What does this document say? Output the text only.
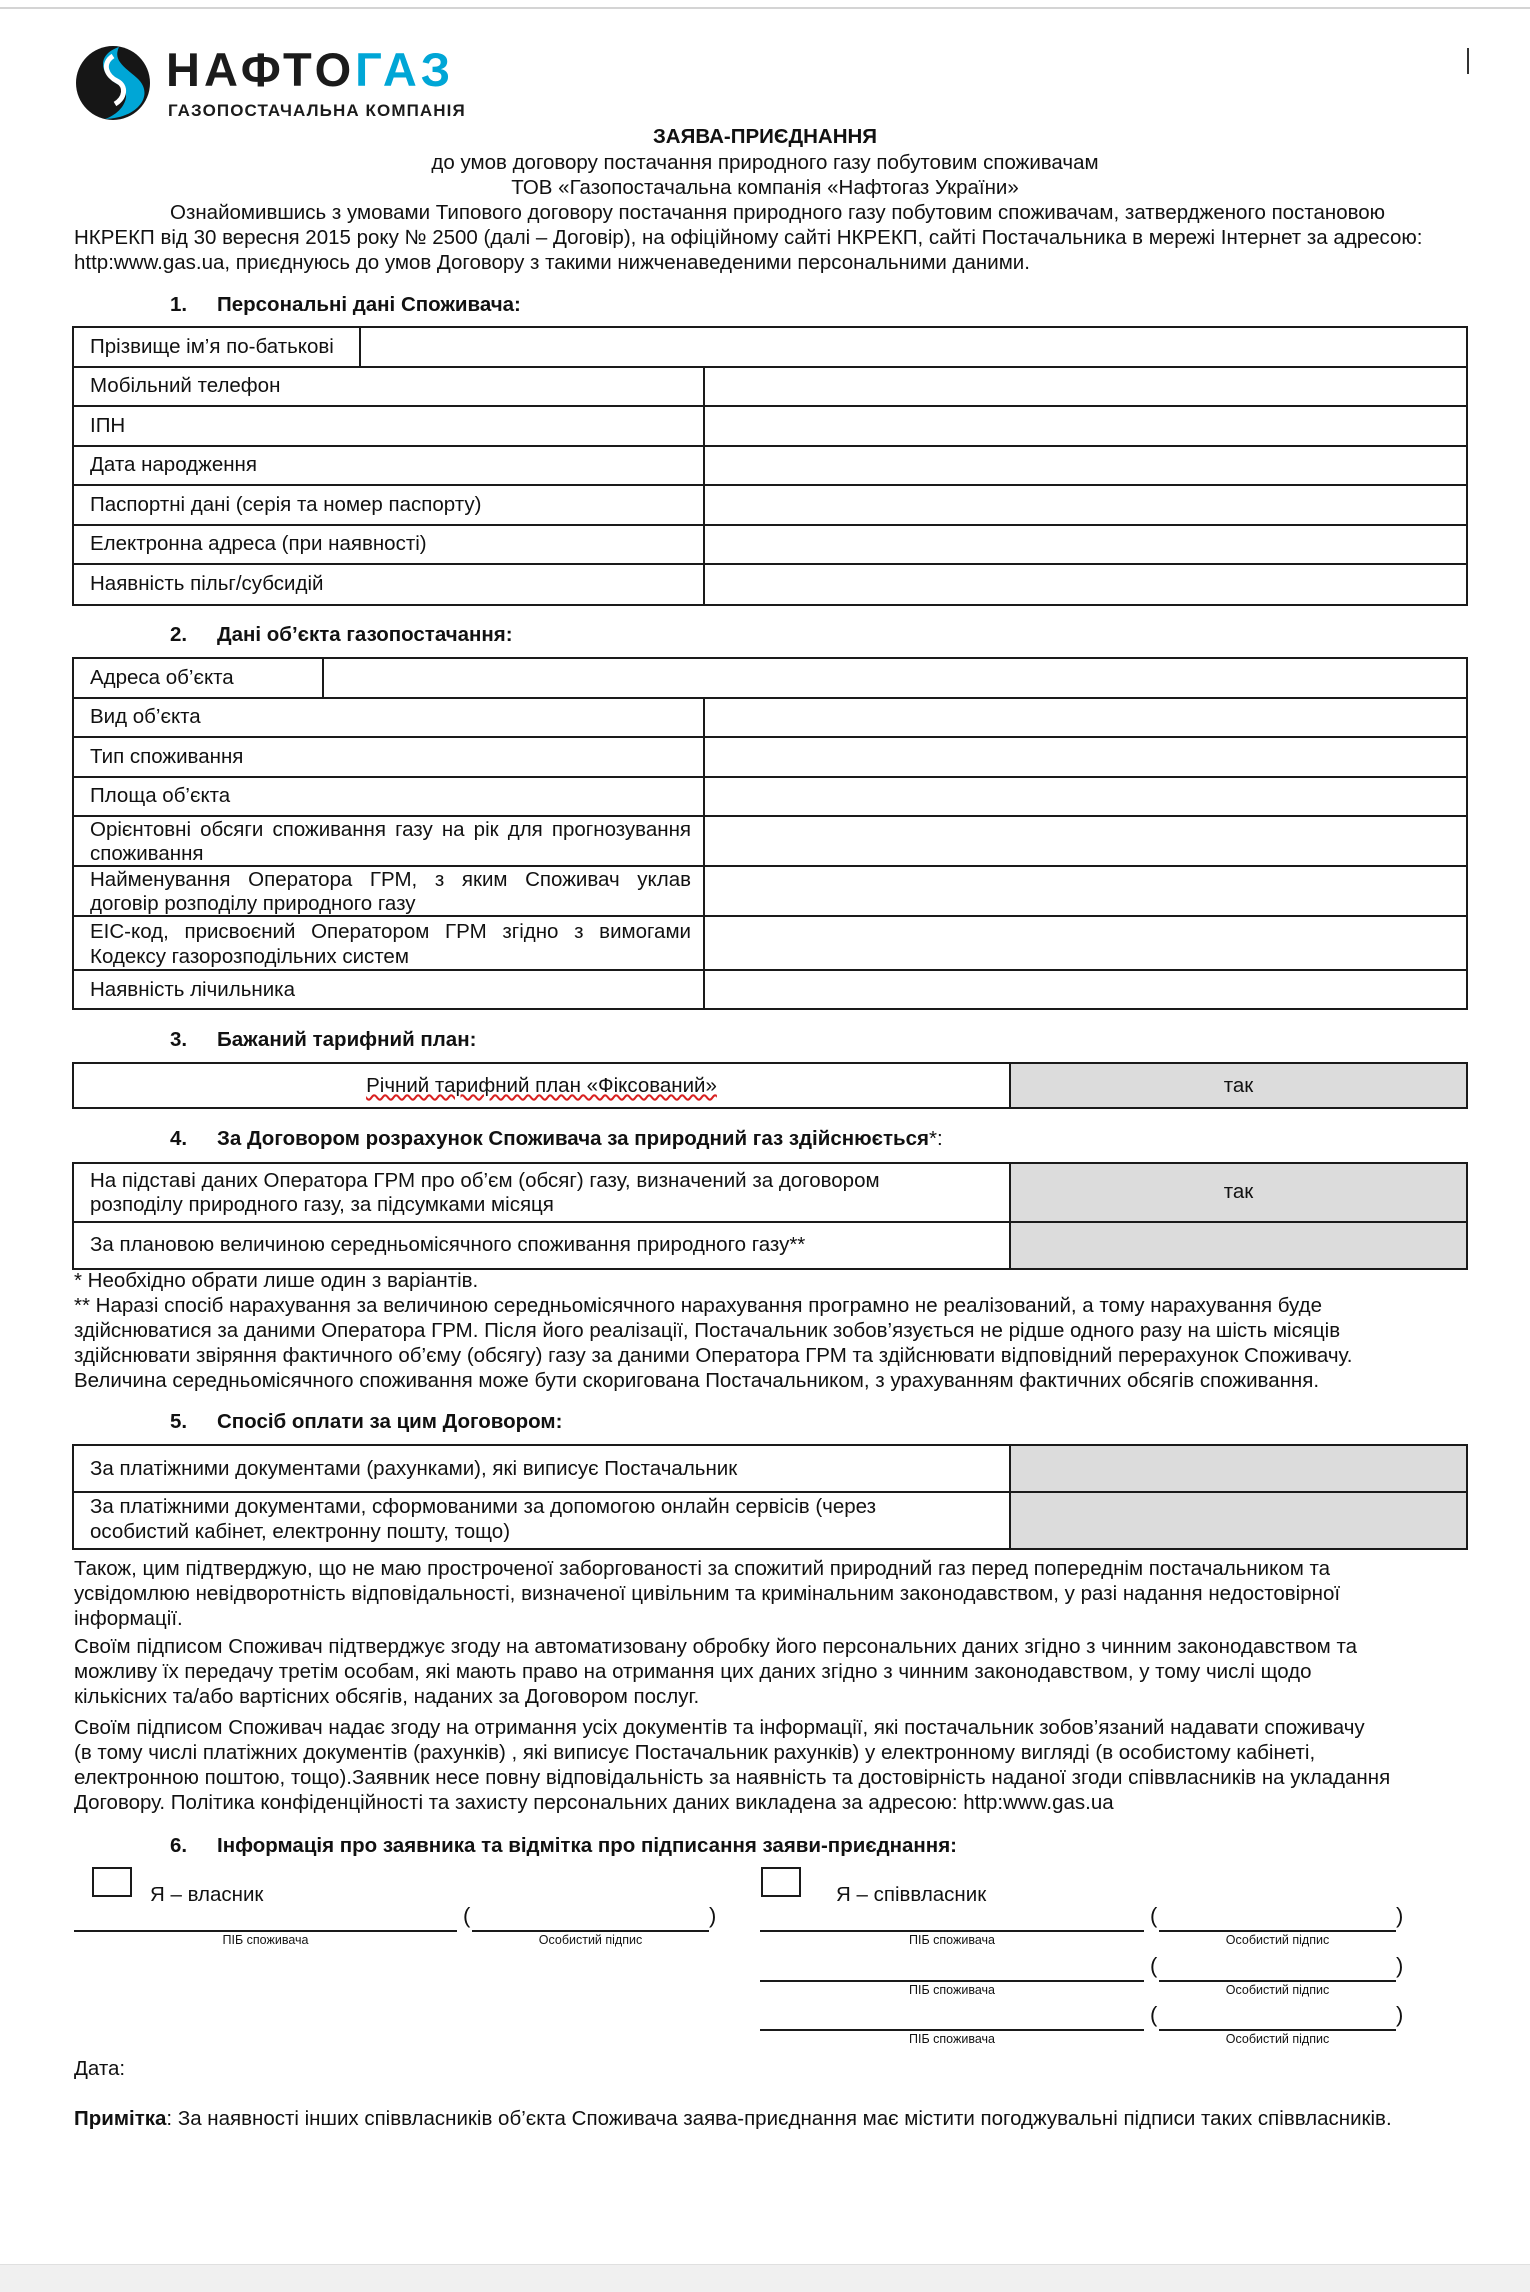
НАФТОГАЗ
ГАЗОПОСТАЧАЛЬНА КОМПАНІЯ
ЗАЯВА-ПРИЄДНАННЯ
до умов договору постачання природного газу побутовим споживачам
ТОВ «Газопостачальна компанія «Нафтогаз України»
Ознайомившись з умовами Типового договору постачання природного газу побутовим споживачам, затвердженого постановою
НКРЕКП від 30 вересня 2015 року № 2500 (далі – Договір), на офіційному сайті НКРЕКП, сайті Постачальника в мережі Інтернет за адресою:
http:www.gas.ua, приєднуюсь до умов Договору з такими нижченаведеними персональними даними.
1. Персональні дані Споживача:
Прізвище ім’я по-батькові
Мобільний телефон
ІПН
Дата народження
Паспортні дані (серія та номер паспорту)
Електронна адреса (при наявності)
Наявність пільг/субсидій
2. Дані об’єкта газопостачання:
Адреса об’єкта
Вид об’єкта
Тип споживання
Площа об’єкта
Орієнтовні обсяги споживання газу на рік для прогнозування
споживання
Найменування Оператора ГРМ, з яким Споживач уклав
договір розподілу природного газу
ЕІС-код, присвоєний Оператором ГРМ згідно з вимогами
Кодексу газорозподільних систем
Наявність лічильника
3. Бажаний тарифний план:
Річний тарифний план «Фіксований»	так
4. За Договором розрахунок Споживача за природний газ здійснюється*:
На підставі даних Оператора ГРМ про об’єм (обсяг) газу, визначений за договором
розподілу природного газу, за підсумками місяця
так
За плановою величиною середньомісячного споживання природного газу**
* Необхідно обрати лише один з варіантів.
** Наразі спосіб нарахування за величиною середньомісячного нарахування програмно не реалізований, а тому нарахування буде
здійснюватися за даними Оператора ГРМ. Після його реалізації, Постачальник зобов’язується не рідше одного разу на шість місяців
здійснювати звіряння фактичного об’єму (обсягу) газу за даними Оператора ГРМ та здійснювати відповідний перерахунок Споживачу.
Величина середньомісячного споживання може бути скоригована Постачальником, з урахуванням фактичних обсягів споживання.
5. Спосіб оплати за цим Договором:
За платіжними документами (рахунками), які виписує Постачальник
За платіжними документами, сформованими за допомогою онлайн сервісів (через
особистий кабінет, електронну пошту, тощо)
Також, цим підтверджую, що не маю простроченої заборгованості за спожитий природний газ перед попереднім постачальником та
усвідомлюю невідворотність відповідальності, визначеної цивільним та кримінальним законодавством, у разі надання недостовірної
інформації.
Своїм підписом Споживач підтверджує згоду на автоматизовану обробку його персональних даних згідно з чинним законодавством та
можливу їх передачу третім особам, які мають право на отримання цих даних згідно з чинним законодавством, у тому числі щодо
кількісних та/або вартісних обсягів, наданих за Договором послуг.
Своїм підписом Споживач надає згоду на отримання усіх документів та інформації, які постачальник зобов’язаний надавати споживачу
(в тому числі платіжних документів (рахунків) , які виписує Постачальник рахунків) у електронному вигляді (в особистому кабінеті,
електронною поштою, тощо).Заявник несе повну відповідальність за наявність та достовірність наданої згоди співвласників на укладання
Договору. Політика конфіденційності та захисту персональних даних викладена за адресою: http:www.gas.ua
6. Інформація про заявника та відмітка про підписання заяви-приєднання:
Я – власник
ПІБ споживача
(	)
Особистий підпис
Я – співвласник
ПІБ споживача
(	)
Особистий підпис
ПІБ споживача
(	)
Особистий підпис
ПІБ споживача
(	)
Особистий підпис
Дата:
Примітка: За наявності інших співвласників об’єкта Споживача заява-приєднання має містити погоджувальні підписи таких співвласників.
